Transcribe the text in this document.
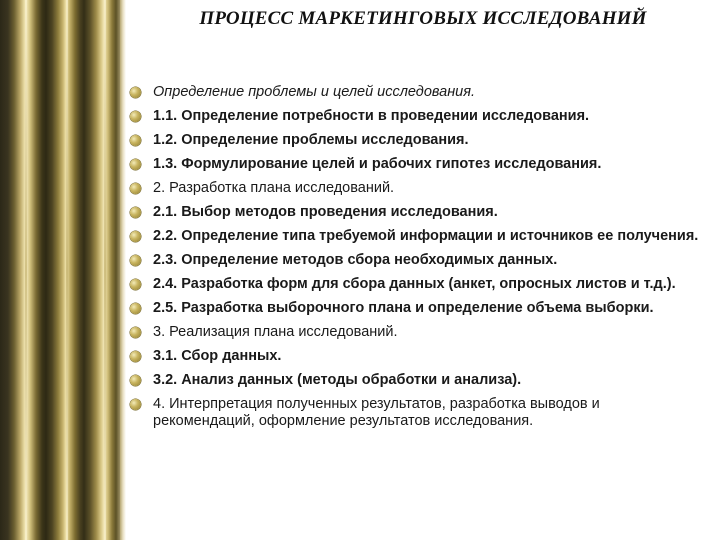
ПРОЦЕСС МАРКЕТИНГОВЫХ ИССЛЕДОВАНИЙ
Определение проблемы и целей исследования.
1.1. Определение потребности в проведении исследования.
1.2. Определение проблемы исследования.
1.3. Формулирование целей и рабочих гипотез исследования.
2. Разработка плана исследований.
2.1. Выбор методов проведения исследования.
2.2. Определение типа требуемой информации и источников ее получения.
2.3. Определение методов сбора необходимых данных.
2.4. Разработка форм для сбора данных (анкет, опросных листов и т.д.).
2.5. Разработка выборочного плана и определение объема выборки.
3. Реализация плана исследований.
3.1. Сбор данных.
3.2. Анализ данных (методы обработки и анализа).
4. Интерпретация полученных результатов, разработка выводов и рекомендаций, оформление результатов исследования.
